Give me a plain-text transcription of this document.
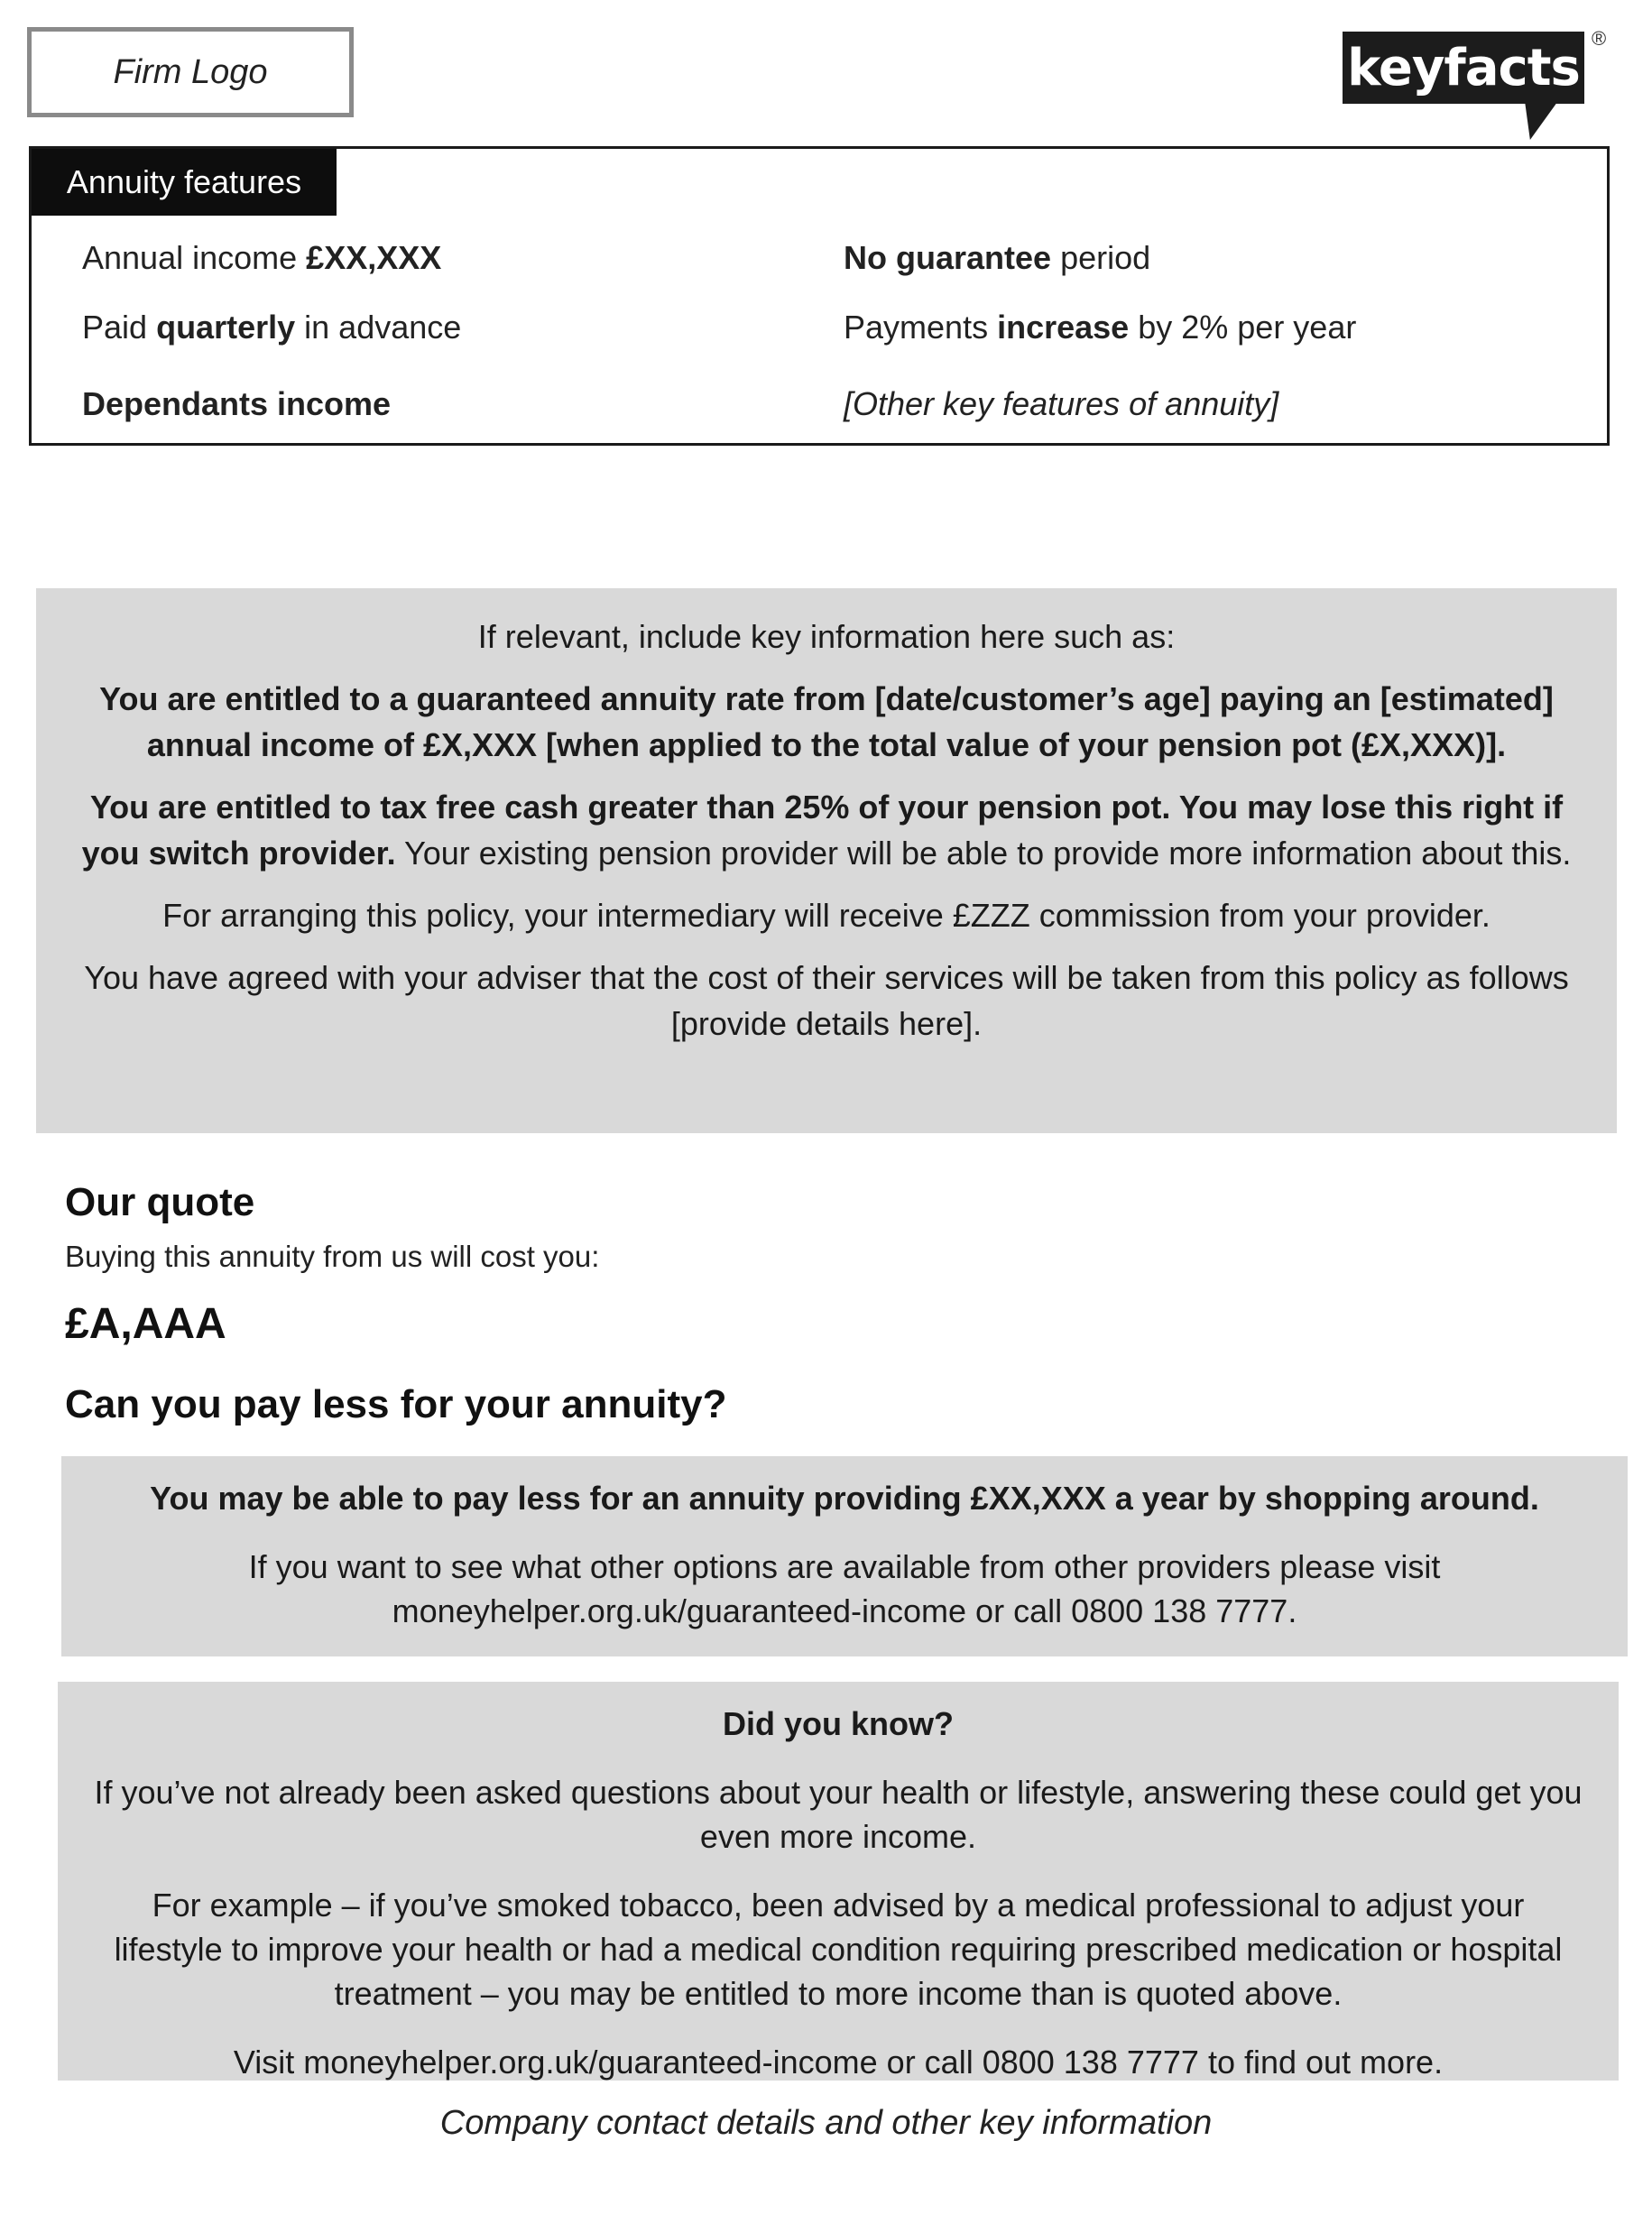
Firm Logo	keyfacts ®
Annuity features
Annual income £XX,XXX
Paid quarterly in advance
Dependants income
No guarantee period
Payments increase by 2% per year
[Other key features of annuity]

If relevant, include key information here such as:

You are entitled to a guaranteed annuity rate from [date/customer’s age] paying an [estimated] annual income of £X,XXX [when applied to the total value of your pension pot (£X,XXX)].

You are entitled to tax free cash greater than 25% of your pension pot. You may lose this right if you switch provider. Your existing pension provider will be able to provide more information about this.

For arranging this policy, your intermediary will receive £ZZZ commission from your provider.

You have agreed with your adviser that the cost of their services will be taken from this policy as follows [provide details here].

Our quote
Buying this annuity from us will cost you:
£A,AAA
Can you pay less for your annuity?

You may be able to pay less for an annuity providing £XX,XXX a year by shopping around.

If you want to see what other options are available from other providers please visit moneyhelper.org.uk/guaranteed-income or call 0800 138 7777.

Did you know?

If you’ve not already been asked questions about your health or lifestyle, answering these could get you even more income.

For example – if you’ve smoked tobacco, been advised by a medical professional to adjust your lifestyle to improve your health or had a medical condition requiring prescribed medication or hospital treatment – you may be entitled to more income than is quoted above.

Visit moneyhelper.org.uk/guaranteed-income or call 0800 138 7777 to find out more.

Company contact details and other key information
